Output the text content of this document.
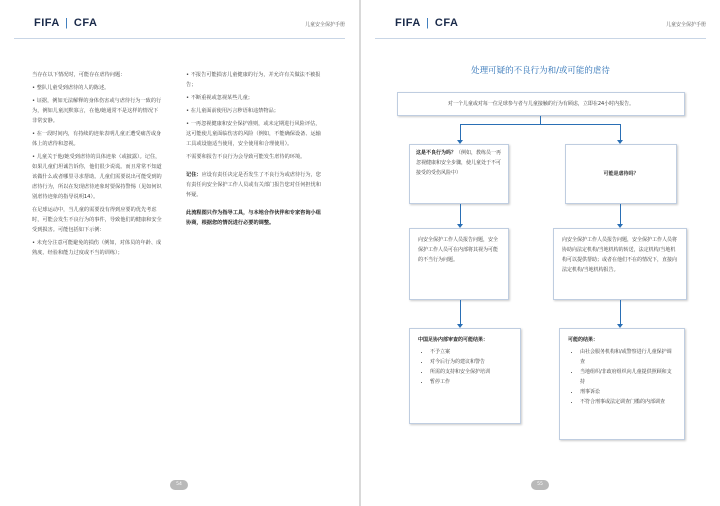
FIFA | CFA	儿童安全保护手册

当存在以下情况时，可能存在虐待问题：

• 整队儿童受到虐待的人的陈述。

• 证据，例如无法解释的身体伤害或与虐待行为一致的行为，例如儿童沉默寡言，在他/她通常不是这样的情况下非常安静。

• 在一段时间内，有持续的迹象表明儿童正遭受痛苦或身体上的虐待和忽视。

• 儿童关于他/她受到虐待的具体迹象（或披露）。记住，如果儿童们坦诚告诉你，他们很少说谎。而且常常不知道该做什么或者哪里寻求帮助。儿童们需要说出可能受到的虐待行为，所以在发现虐待迹象时要保持警惕（见如何识别虐待迹象的指导说明14）。

在足球运动中，当儿童的需要没有得到应要的优先考虑时，可能会发生不良行为的事件，导致他们的健康和安全受到损害。可能包括如下示例：

• 未充分注意可能避免的损伤（例如，对体员的年龄、成熟度、经验和能力过度或不当的训练）；

• 不报告可能损害儿童健康的行为，并允许有关做法不被报告；

• 不断重视或忽视某些儿童；

• 在儿童面前使用污言秽语和违禁物品；

• 一再忽视健康和安全保护准则，或未定期进行风险评估，这可能使儿童面临伤害的风险（例如，不能确保设备、运输工具或设施适当使用，安全使用和合理使用）。

不需要和报告不良行为会导致可能发生虐待的环境。

记住：应设有责任决定是否发生了不良行为或虐待行为，您有责任向安全保护工作人员或有关部门报告您对任何担忧和怀疑。

此流程图只作为指导工具，与本地合作伙伴和专家咨询小组协商，根据您的情况进行必要的调整。

54
FIFA | CFA	儿童安全保护手册
处理可疑的不良行为和/或可能的虐待
对一个儿童或对每一位足球参与者与儿童接触的行为有顾虑，立即在24小时内报告。
这是不良行为吗？（例如，教练员一再忽视健康和安全步骤，使儿童处于不可接受的受伤风险中）	可能是虐待吗？
向安全保护工作人员报告问题，安全保护工作人员可在内部将其视为可能的不当行为问题。
向安全保护工作人员报告问题，安全保护工作人员将协助向法定机构/当地机构的转送，法定机构/当地机构可以提供帮助；或者在他们不在的情况下，直接向法定机构/当地机构报告。
中国足协内部审查的可能结果：
• 不予立案
• 对今后行为的建议和警告
• 所需的支持和安全保护培训
• 暂停工作
可能的结果：
• 由社会服务机构和/或警察进行儿童保护调查
• 当地组织/非政府组织向儿童提供照顾和支持
• 刑事诉讼
• 不符合刑事或法定调查门槛的内部调查
55
